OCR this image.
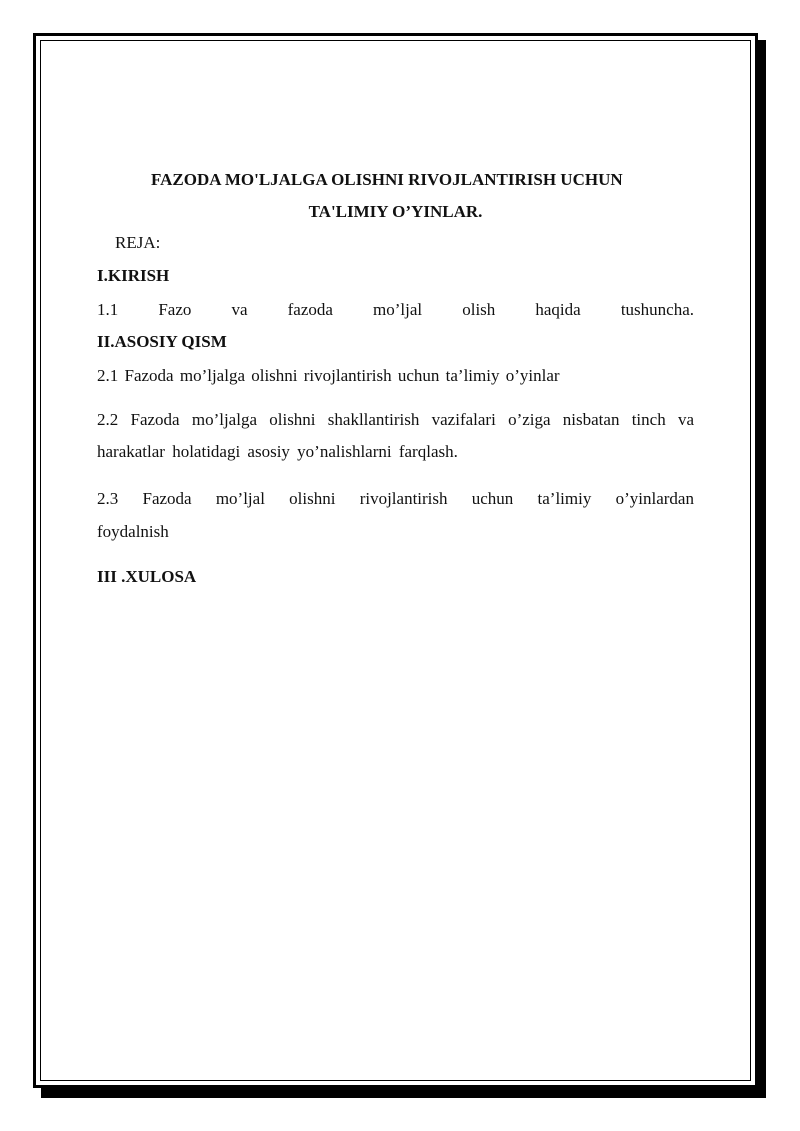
FAZODA MO'LJALGA OLISHNI RIVOJLANTIRISH UCHUN
TA'LIMIY O’YINLAR.
REJA:
I.KIRISH
1.1 Fazo va fazoda mo’ljal olish haqida tushuncha.
II.ASOSIY QISM
2.1 Fazoda mo’ljalga olishni rivojlantirish uchun ta’limiy o’yinlar
2.2 Fazoda mo’ljalga olishni shakllantirish vazifalari o’ziga nisbatan tinch va harakatlar holatidagi asosiy yo’nalishlarni farqlash.
2.3 Fazoda mo’ljal olishni rivojlantirish uchun ta’limiy o’yinlardan
foydalnish
III .XULOSA
